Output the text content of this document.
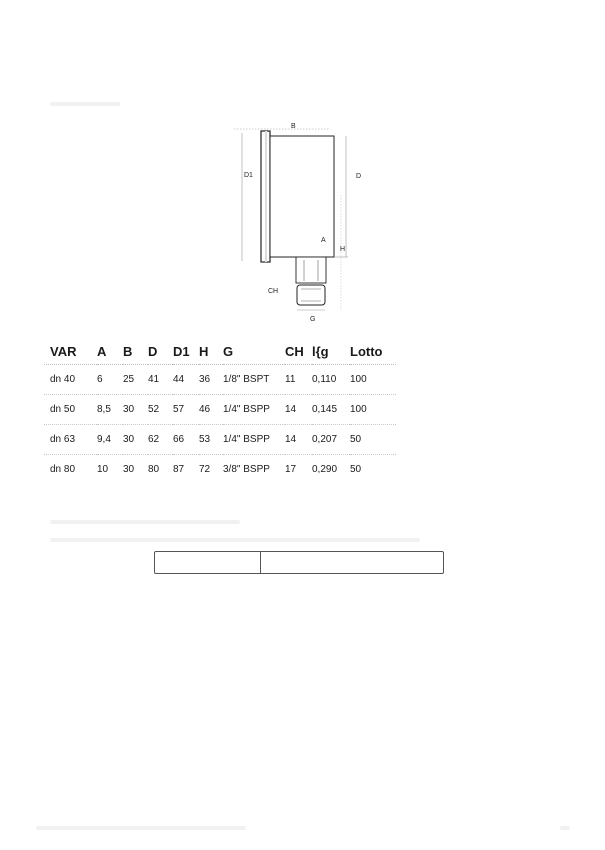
B
D1	D
A
H
CH
G
VAR	A	B	D	D1	H	G	CH	l{g	Lotto
dn 40	6	25	41	44	36	1/8" BSPT	11	0,110	100
dn 50	8,5	30	52	57	46	1/4" BSPP	14	0,145	100
dn 63	9,4	30	62	66	53	1/4" BSPP	14	0,207	50
dn 80	10	30	80	87	72	3/8" BSPP	17	0,290	50
